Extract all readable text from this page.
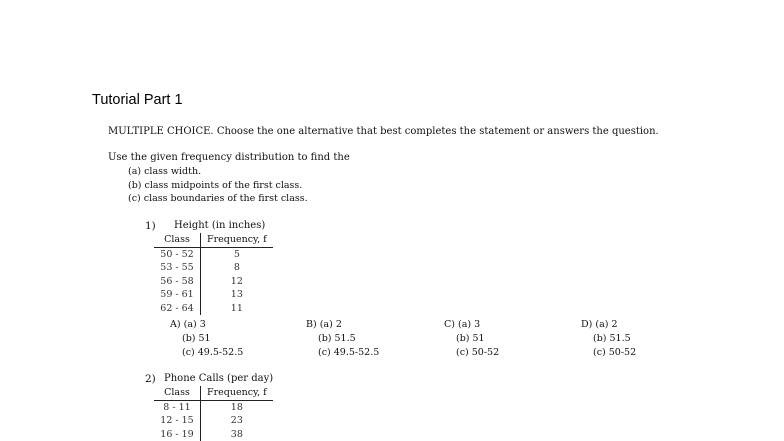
Tutorial Part 1
MULTIPLE CHOICE. Choose the one alternative that best completes the statement or answers the question.
Use the given frequency distribution to find the
(a) class width.
(b) class midpoints of the first class.
(c) class boundaries of the first class.
1) Height (in inches)
Class	Frequency, f
50 - 52	5
53 - 55	8
56 - 58	12
59 - 61	13
62 - 64	11
A) (a) 3
(b) 51
(c) 49.5-52.5
B) (a) 2
(b) 51.5
(c) 49.5-52.5
C) (a) 3
(b) 51
(c) 50-52
D) (a) 2
(b) 51.5
(c) 50-52
2) Phone Calls (per day)
Class	Frequency, f
8 - 11	18
12 - 15	23
16 - 19	38
